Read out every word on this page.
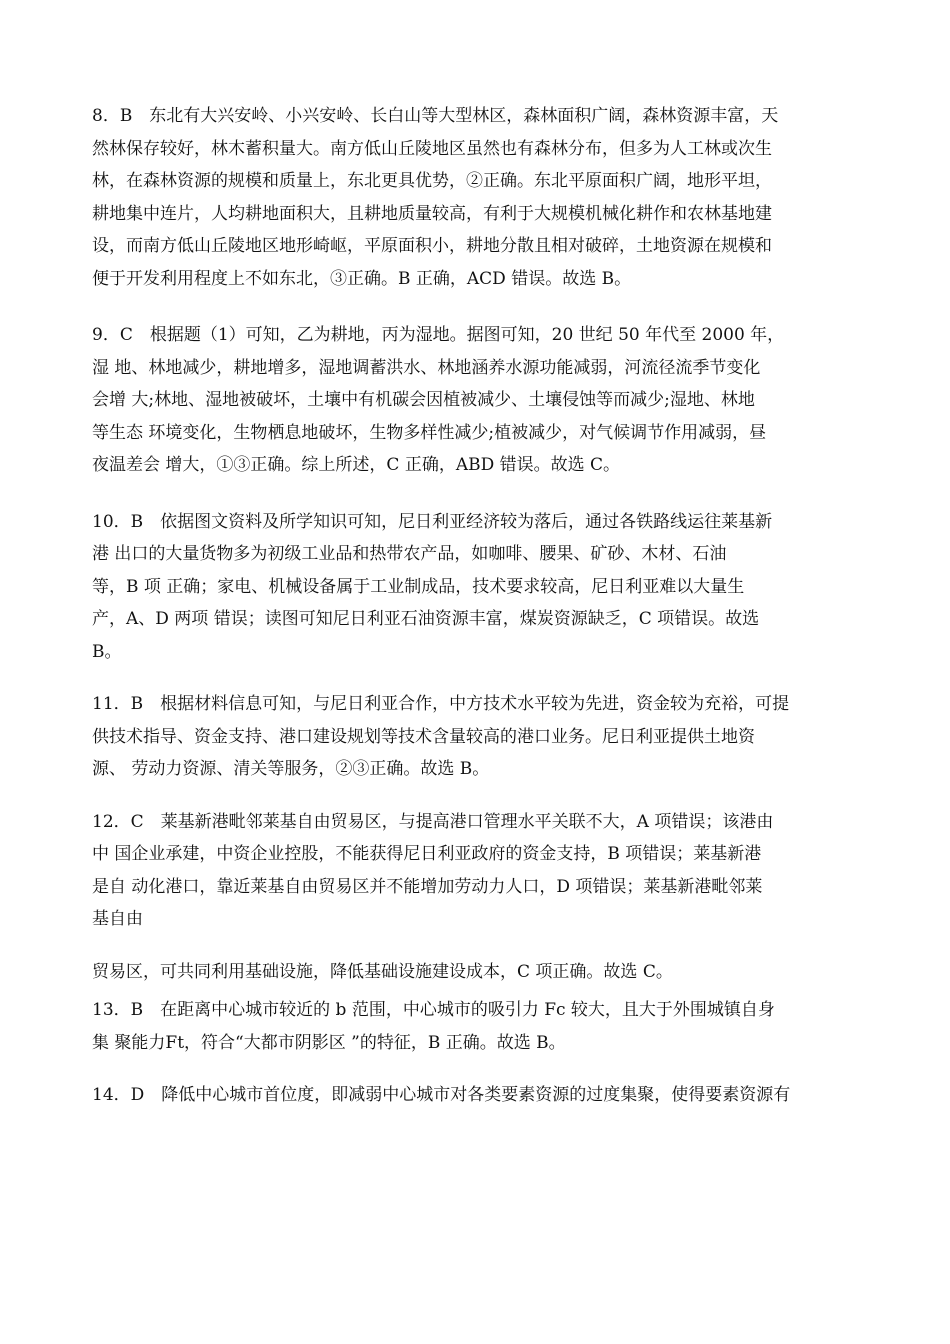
8．B　东北有大兴安岭、小兴安岭、长白山等大型林区，森林面积广阔，森林资源丰富，天
然林保存较好，林木蓄积量大。南方低山丘陵地区虽然也有森林分布，但多为人工林或次生
林，在森林资源的规模和质量上，东北更具优势，②正确。东北平原面积广阔，地形平坦，
耕地集中连片，人均耕地面积大，且耕地质量较高，有利于大规模机械化耕作和农林基地建
设，而南方低山丘陵地区地形崎岖，平原面积小，耕地分散且相对破碎，土地资源在规模和
便于开发利用程度上不如东北，③正确。B 正确，ACD 错误。故选 B。
9．C　根据题（1）可知，乙为耕地，丙为湿地。据图可知，20 世纪 50 年代至 2000 年，
湿 地、林地减少，耕地增多，湿地调蓄洪水、林地涵养水源功能减弱，河流径流季节变化
会增 大;林地、湿地被破坏，土壤中有机碳会因植被减少、土壤侵蚀等而减少;湿地、林地
等生态 环境变化，生物栖息地破坏，生物多样性减少;植被减少，对气候调节作用减弱，昼
夜温差会 增大，①③正确。综上所述，C 正确，ABD 错误。故选 C。
10．B　依据图文资料及所学知识可知，尼日利亚经济较为落后，通过各铁路线运往莱基新
港 出口的大量货物多为初级工业品和热带农产品，如咖啡、腰果、矿砂、木材、石油
等，B 项 正确；家电、机械设备属于工业制成品，技术要求较高，尼日利亚难以大量生
产，A、D 两项 错误；读图可知尼日利亚石油资源丰富，煤炭资源缺乏，C 项错误。故选
B。
11．B　根据材料信息可知，与尼日利亚合作，中方技术水平较为先进，资金较为充裕，可提
供技术指导、资金支持、港口建设规划等技术含量较高的港口业务。尼日利亚提供土地资
源、 劳动力资源、清关等服务，②③正确。故选 B。
12．C　莱基新港毗邻莱基自由贸易区，与提高港口管理水平关联不大，A 项错误；该港由
中 国企业承建，中资企业控股，不能获得尼日利亚政府的资金支持，B 项错误；莱基新港
是自 动化港口，靠近莱基自由贸易区并不能增加劳动力人口，D 项错误；莱基新港毗邻莱
基自由
贸易区，可共同利用基础设施，降低基础设施建设成本，C 项正确。故选 C。
13．B　在距离中心城市较近的 b 范围，中心城市的吸引力 Fc 较大，且大于外围城镇自身
集 聚能力Ft，符合“大都市阴影区 ”的特征，B 正确。故选 B。
14．D　降低中心城市首位度，即减弱中心城市对各类要素资源的过度集聚，使得要素资源有
